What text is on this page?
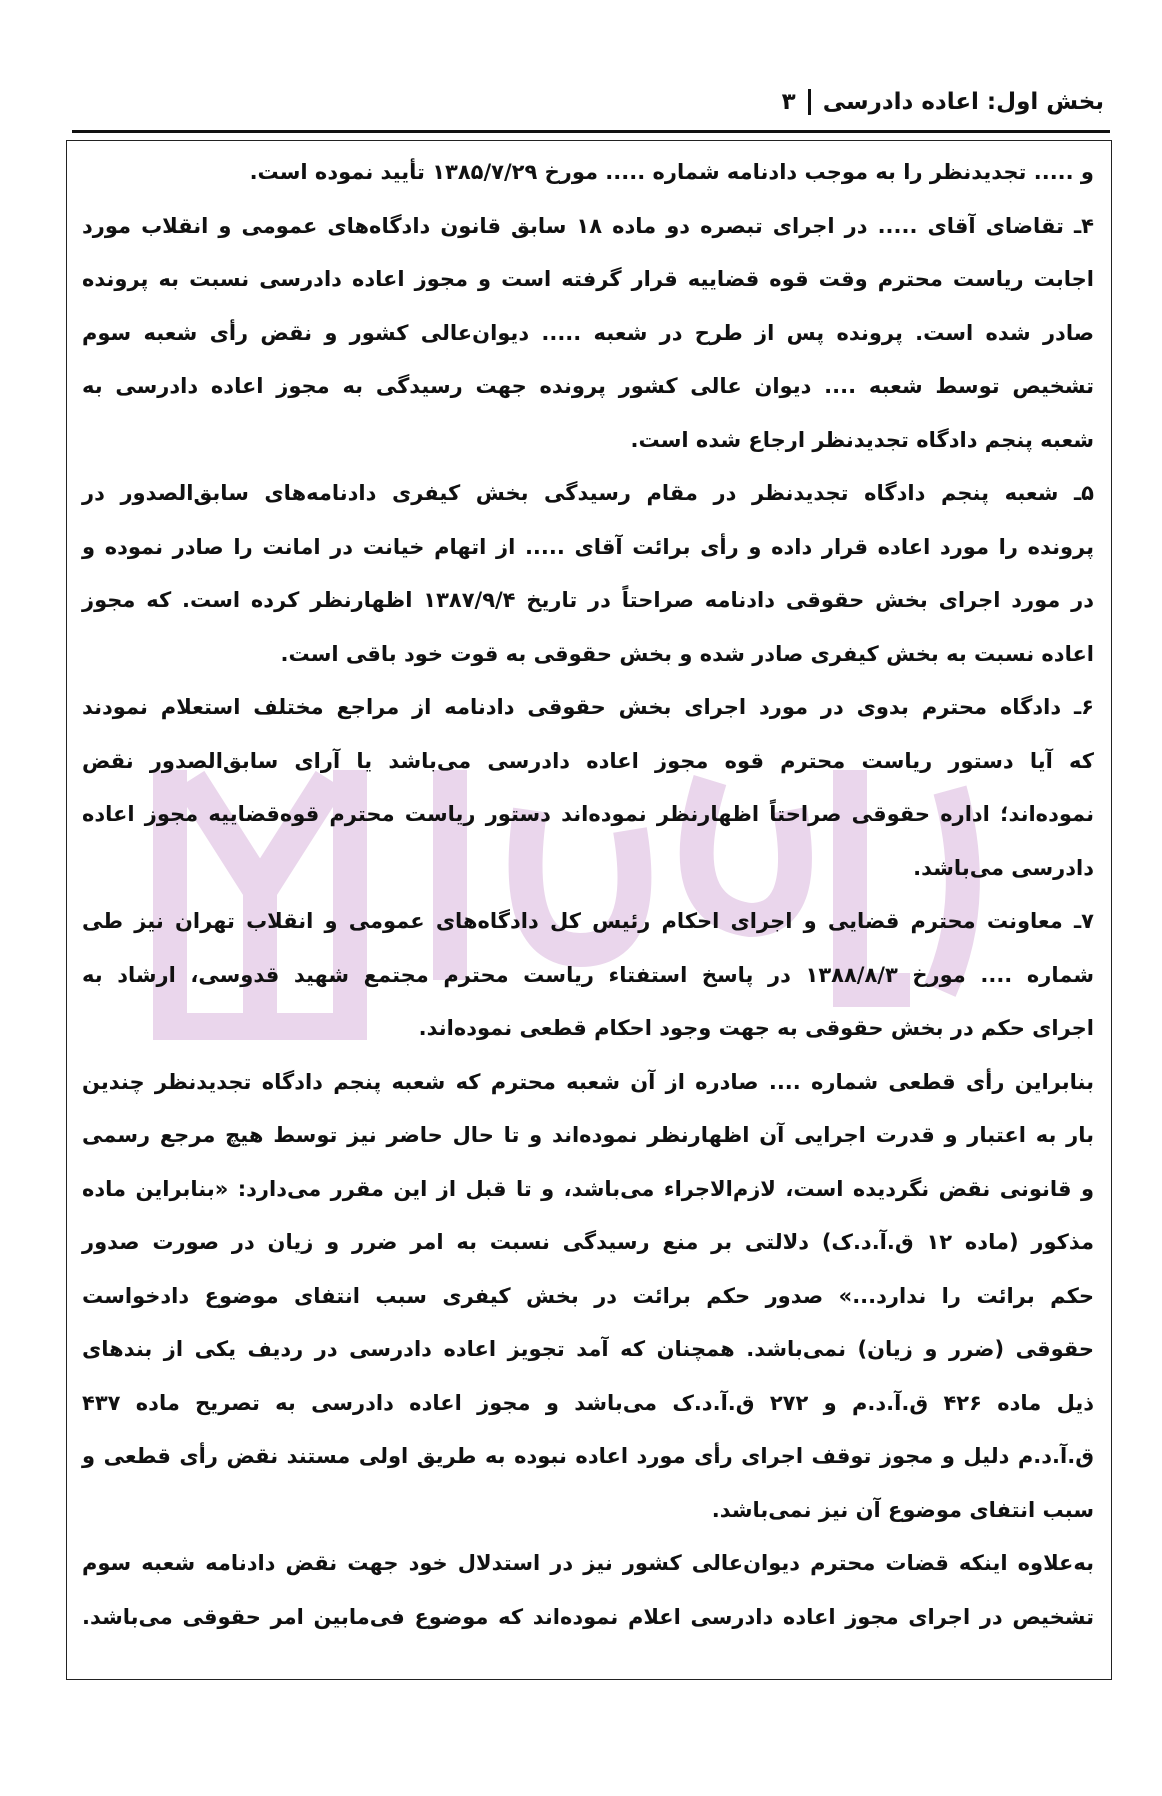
بخش اول: اعاده دادرسی
۳
و ..... تجدیدنظر را به موجب دادنامه شماره ..... مورخ ۱۳۸۵/۷/۲۹ تأیید نموده است.
۴ـ تقاضای آقای ..... در اجرای تبصره دو ماده ۱۸ سابق قانون دادگاه‌های عمومی و انقلاب مورد
اجابت ریاست محترم وقت قوه قضاییه قرار گرفته است و مجوز اعاده دادرسی نسبت به پرونده
صادر شده است. پرونده پس از طرح در شعبه ..... دیوان‌عالی کشور و نقض رأی شعبه سوم
تشخیص توسط شعبه .... دیوان عالی کشور پرونده جهت رسیدگی به مجوز اعاده دادرسی به
شعبه پنجم دادگاه تجدیدنظر ارجاع شده است.
۵ـ شعبه پنجم دادگاه تجدیدنظر در مقام رسیدگی بخش کیفری دادنامه‌های سابق‌الصدور در
پرونده را مورد اعاده قرار داده و رأی برائت آقای ..... از اتهام خیانت در امانت را صادر نموده و
در مورد اجرای بخش حقوقی دادنامه صراحتاً در تاریخ ۱۳۸۷/۹/۴ اظهارنظر کرده است. که مجوز
اعاده نسبت به بخش کیفری صادر شده و بخش حقوقی به قوت خود باقی است.
۶ـ دادگاه محترم بدوی در مورد اجرای بخش حقوقی دادنامه از مراجع مختلف استعلام نمودند
که آیا دستور ریاست محترم قوه مجوز اعاده دادرسی می‌باشد یا آرای سابق‌الصدور نقض
نموده‌اند؛ اداره حقوقی صراحتاً اظهارنظر نموده‌اند دستور ریاست محترم قوه‌قضاییه مجوز اعاده
دادرسی می‌باشد.
۷ـ معاونت محترم قضایی و اجرای احکام رئیس کل دادگاه‌های عمومی و انقلاب تهران نیز طی
شماره .... مورخ ۱۳۸۸/۸/۳ در پاسخ استفتاء ریاست محترم مجتمع شهید قدوسی، ارشاد به
اجرای حکم در بخش حقوقی به جهت وجود احکام قطعی نموده‌اند.
بنابراین رأی قطعی شماره .... صادره از آن شعبه محترم که شعبه پنجم دادگاه تجدیدنظر چندین
بار به اعتبار و قدرت اجرایی آن اظهارنظر نموده‌اند و تا حال حاضر نیز توسط هیچ مرجع رسمی
و قانونی نقض نگردیده است، لازم‌الاجراء می‌باشد، و تا قبل از این مقرر می‌دارد: «بنابراین ماده
مذکور (ماده ۱۲ ق.آ.د.ک) دلالتی بر منع رسیدگی نسبت به امر ضرر و زیان در صورت صدور
حکم برائت را ندارد...» صدور حکم برائت در بخش کیفری سبب انتفای موضوع دادخواست
حقوقی (ضرر و زیان) نمی‌باشد. همچنان که آمد تجویز اعاده دادرسی در ردیف یکی از بندهای
ذیل ماده ۴۲۶ ق.آ.د.م و ۲۷۲ ق.آ.د.ک می‌باشد و مجوز اعاده دادرسی به تصریح ماده ۴۳۷
ق.آ.د.م دلیل و مجوز توقف اجرای رأی مورد اعاده نبوده به طریق اولی مستند نقض رأی قطعی و
سبب انتفای موضوع آن نیز نمی‌باشد.
به‌علاوه اینکه قضات محترم دیوان‌عالی کشور نیز در استدلال خود جهت نقض دادنامه شعبه سوم
تشخیص در اجرای مجوز اعاده دادرسی اعلام نموده‌اند که موضوع فی‌مابین امر حقوقی می‌باشد.
